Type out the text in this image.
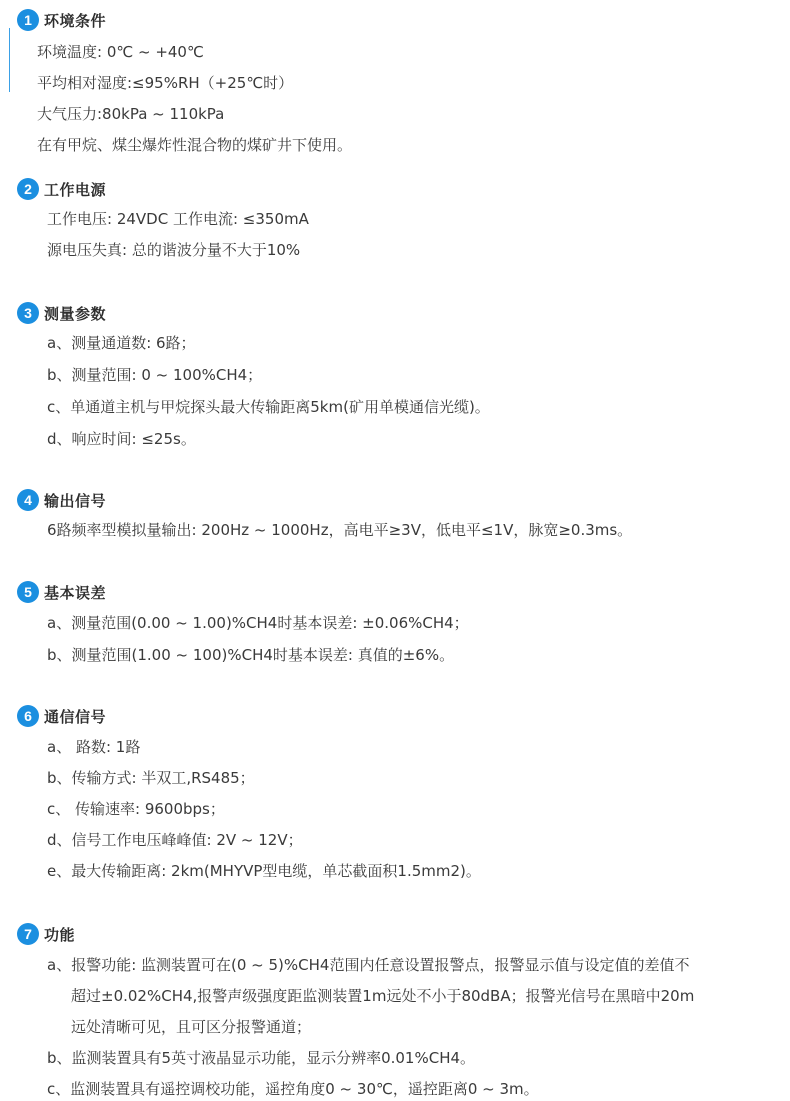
1 环境条件
环境温度: 0℃ ~ +40℃
平均相对湿度:≤95%RH（+25℃时）
大气压力:80kPa ~ 110kPa
在有甲烷、煤尘爆炸性混合物的煤矿井下使用。
2 工作电源
工作电压: 24VDC 工作电流: ≤350mA
源电压失真: 总的谐波分量不大于10%
3 测量参数
a、测量通道数: 6路；
b、测量范围: 0 ~ 100%CH4；
c、单通道主机与甲烷探头最大传输距离5km(矿用单模通信光缆)。
d、响应时间: ≤25s。
4 输出信号
6路频率型模拟量输出: 200Hz ~ 1000Hz，高电平≥3V，低电平≤1V，脉宽≥0.3ms。
5 基本误差
a、测量范围(0.00 ~ 1.00)%CH4时基本误差: ±0.06%CH4；
b、测量范围(1.00 ~ 100)%CH4时基本误差: 真值的±6%。
6 通信信号
a、 路数: 1路
b、传输方式: 半双工,RS485；
c、 传输速率: 9600bps；
d、信号工作电压峰峰值: 2V ~ 12V；
e、最大传输距离: 2km(MHYVP型电缆，单芯截面积1.5mm2)。
7 功能
a、报警功能: 监测装置可在(0 ~ 5)%CH4范围内任意设置报警点，报警显示值与设定值的差值不
超过±0.02%CH4,报警声级强度距监测装置1m远处不小于80dBA；报警光信号在黑暗中20m
远处清晰可见，且可区分报警通道；
b、监测装置具有5英寸液晶显示功能，显示分辨率0.01%CH4。
c、监测装置具有遥控调校功能，遥控角度0 ~ 30℃，遥控距离0 ~ 3m。
